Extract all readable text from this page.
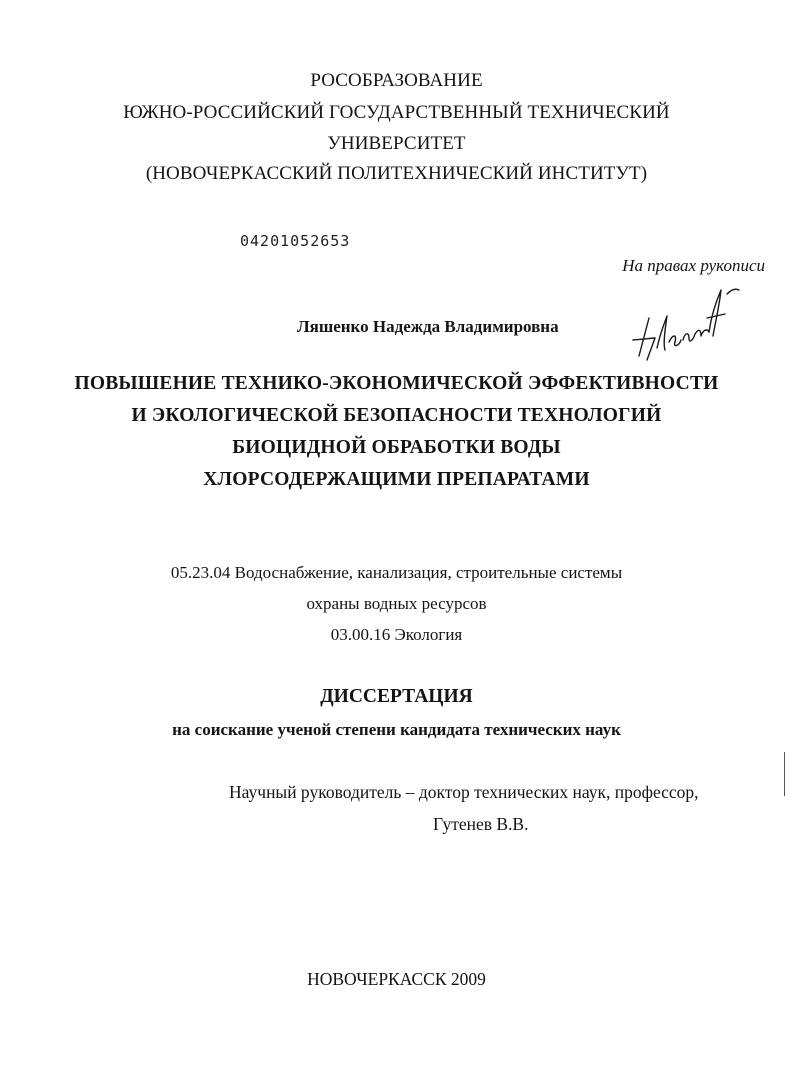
РОСОБРАЗОВАНИЕ
ЮЖНО-РОССИЙСКИЙ ГОСУДАРСТВЕННЫЙ ТЕХНИЧЕСКИЙ
УНИВЕРСИТЕТ
(НОВОЧЕРКАССКИЙ ПОЛИТЕХНИЧЕСКИЙ ИНСТИТУТ)
04201052653
На правах рукописи
Ляшенко Надежда Владимировна
ПОВЫШЕНИЕ ТЕХНИКО-ЭКОНОМИЧЕСКОЙ ЭФФЕКТИВНОСТИ
И ЭКОЛОГИЧЕСКОЙ БЕЗОПАСНОСТИ ТЕХНОЛОГИЙ
БИОЦИДНОЙ ОБРАБОТКИ ВОДЫ
ХЛОРСОДЕРЖАЩИМИ ПРЕПАРАТАМИ
05.23.04 Водоснабжение, канализация, строительные системы
охраны водных ресурсов
03.00.16 Экология
ДИССЕРТАЦИЯ
на соискание ученой степени кандидата технических наук
Научный руководитель – доктор технических наук, профессор,
Гутенев В.В.
НОВОЧЕРКАССК 2009
